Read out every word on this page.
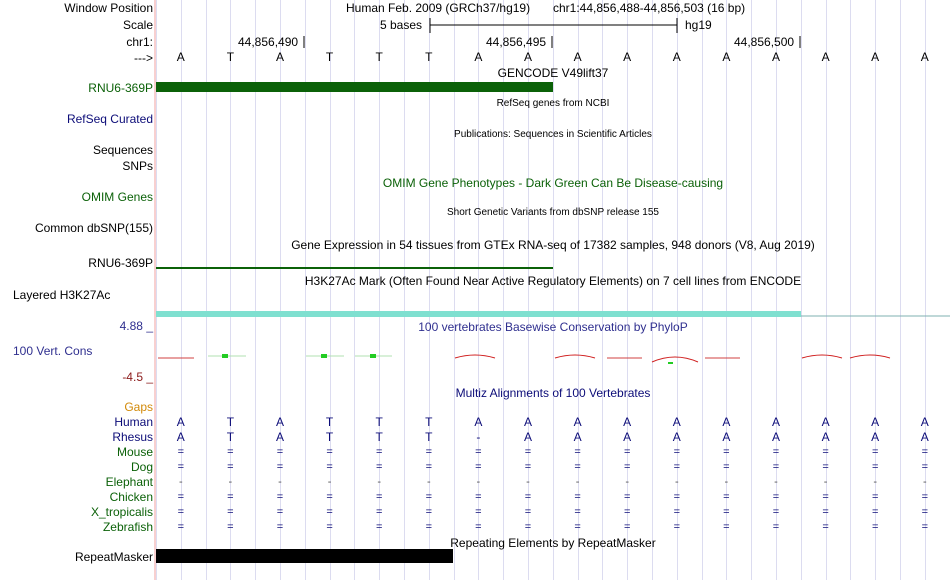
Window Position
Scale
chr1:
--->
Human Feb. 2009 (GRCh37/hg19) chr1:44,856,488-44,856,503 (16 bp)
5 bases	hg19
44,856,490	44,856,495	44,856,500
A	T	A	T	T	T	A	A	A	A	A	A	A	A	A	A
GENCODE V49lift37
RNU6-369P
RefSeq genes from NCBI
RefSeq Curated
Publications: Sequences in Scientific Articles
Sequences
SNPs
OMIM Gene Phenotypes - Dark Green Can Be Disease-causing
OMIM Genes
Short Genetic Variants from dbSNP release 155
Common dbSNP(155)
Gene Expression in 54 tissues from GTEx RNA-seq of 17382 samples, 948 donors (V8, Aug 2019)
RNU6-369P
H3K27Ac Mark (Often Found Near Active Regulatory Elements) on 7 cell lines from ENCODE
Layered H3K27Ac
100 vertebrates Basewise Conservation by PhyloP
4.88 _
100 Vert. Cons
-4.5 _
Multiz Alignments of 100 Vertebrates
Gaps
Human	A	T	A	T	T	T	A	A	A	A	A	A	A	A	A	A
Rhesus	A	T	A	T	T	T	-	A	A	A	A	A	A	A	A	A
Mouse	=	=	=	=	=	=	=	=	=	=	=	=	=	=	=	=
Dog	=	=	=	=	=	=	=	=	=	=	=	=	=	=	=	=
Elephant	-	-	-	-	-	-	-	-	-	-	-	-	-	-	-	-
Chicken	=	=	=	=	=	=	=	=	=	=	=	=	=	=	=	=
X_tropicalis	=	=	=	=	=	=	=	=	=	=	=	=	=	=	=	=
Zebrafish	=	=	=	=	=	=	=	=	=	=	=	=	=	=	=	=
Repeating Elements by RepeatMasker
RepeatMasker
